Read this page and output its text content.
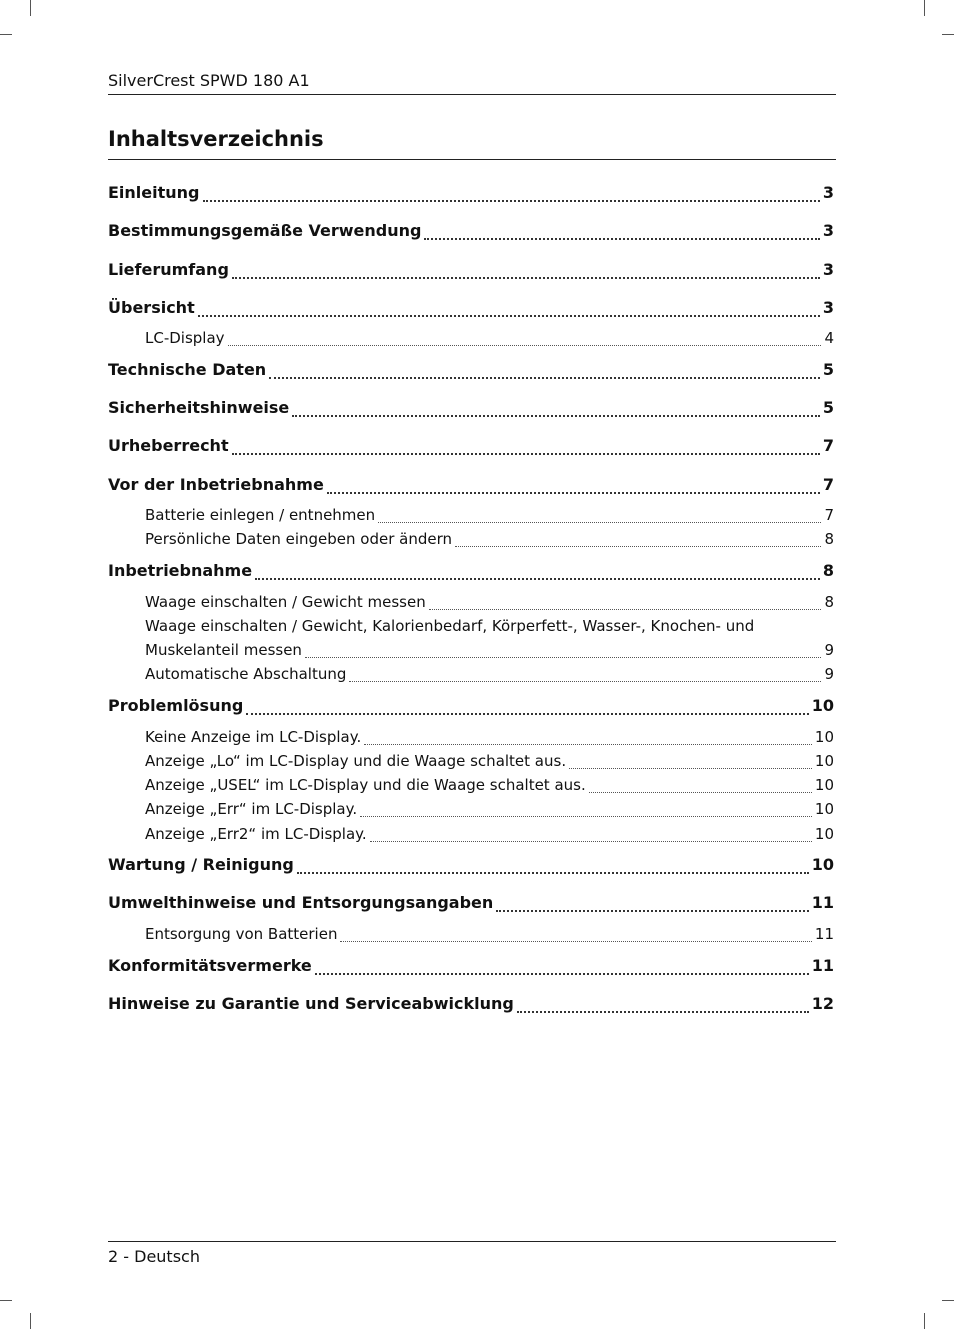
SilverCrest SPWD 180 A1
Inhaltsverzeichnis
Einleitung	3
Bestimmungsgemäße Verwendung	3
Lieferumfang	3
Übersicht	3
LC-Display	4
Technische Daten	5
Sicherheitshinweise	5
Urheberrecht	7
Vor der Inbetriebnahme	7
Batterie einlegen / entnehmen	7
Persönliche Daten eingeben oder ändern	8
Inbetriebnahme	8
Waage einschalten / Gewicht messen	8
Waage einschalten / Gewicht, Kalorienbedarf, Körperfett-, Wasser-, Knochen- und
Muskelanteil messen	9
Automatische Abschaltung	9
Problemlösung	10
Keine Anzeige im LC-Display.	10
Anzeige „Lo“ im LC-Display und die Waage schaltet aus.	10
Anzeige „USEL“ im LC-Display und die Waage schaltet aus.	10
Anzeige „Err“ im LC-Display.	10
Anzeige „Err2“ im LC-Display.	10
Wartung / Reinigung	10
Umwelthinweise und Entsorgungsangaben	11
Entsorgung von Batterien	11
Konformitätsvermerke	11
Hinweise zu Garantie und Serviceabwicklung	12
2 - Deutsch
